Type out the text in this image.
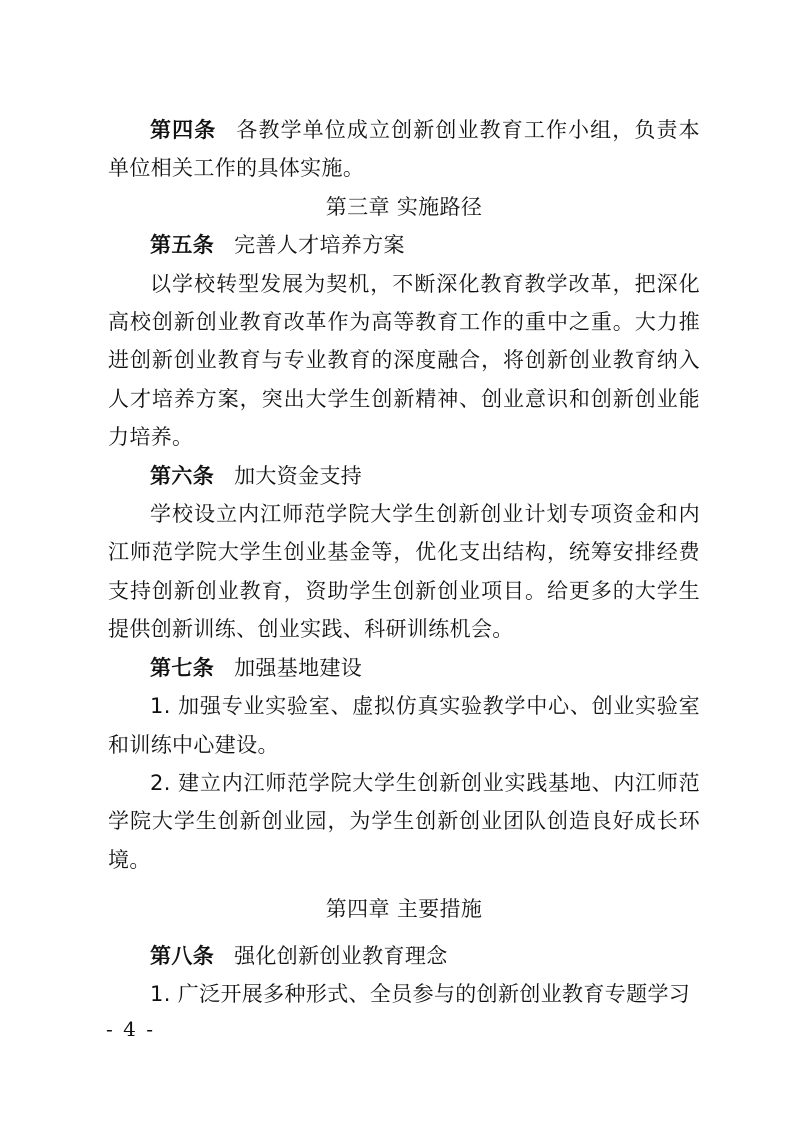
第四条 各教学单位成立创新创业教育工作小组，负责本单位相关工作的具体实施。

第三章 实施路径

第五条 完善人才培养方案

以学校转型发展为契机，不断深化教育教学改革，把深化高校创新创业教育改革作为高等教育工作的重中之重。大力推进创新创业教育与专业教育的深度融合，将创新创业教育纳入人才培养方案，突出大学生创新精神、创业意识和创新创业能力培养。

第六条 加大资金支持

学校设立内江师范学院大学生创新创业计划专项资金和内江师范学院大学生创业基金等，优化支出结构，统筹安排经费支持创新创业教育，资助学生创新创业项目。给更多的大学生提供创新训练、创业实践、科研训练机会。

第七条 加强基地建设

1. 加强专业实验室、虚拟仿真实验教学中心、创业实验室和训练中心建设。

2. 建立内江师范学院大学生创新创业实践基地、内江师范学院大学生创新创业园，为学生创新创业团队创造良好成长环境。

第四章 主要措施

第八条 强化创新创业教育理念

1. 广泛开展多种形式、全员参与的创新创业教育专题学习

- 4 -
